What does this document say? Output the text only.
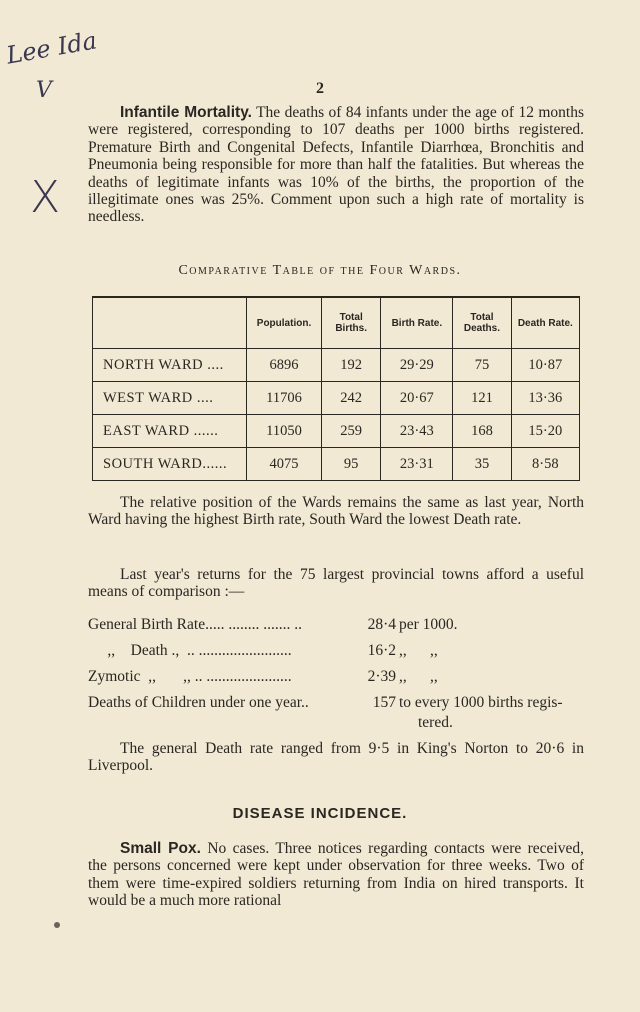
Lee Ida
V
X
2
Infantile Mortality. The deaths of 84 infants under the age of 12 months were registered, corresponding to 107 deaths per 1000 births registered. Premature Birth and Congenital Defects, Infantile Diarrhœa, Bronchitis and Pneumonia being responsible for more than half the fatalities. But whereas the deaths of legitimate infants was 10% of the births, the proportion of the illegitimate ones was 25%. Comment upon such a high rate of mortality is needless.
Comparative Table of the Four Wards.
	Population.	Total Births.	Birth Rate.	Total Deaths.	Death Rate.
NORTH WARD ....	6896	192	29·29	75	10·87
WEST WARD ....	11706	242	20·67	121	13·36
EAST WARD ......	11050	259	23·43	168	15·20
SOUTH WARD......	4075	95	23·31	35	8·58
The relative position of the Wards remains the same as last year, North Ward having the highest Birth rate, South Ward the lowest Death rate.
Last year's returns for the 75 largest provincial towns afford a useful means of comparison :—
General Birth Rate..... ........ ....... ..	28·4 per 1000.
,,    Death .,  .. ........................	16·2 ,,      ,,
Zymotic  ,,       ,, .. ......................	2·39 ,,      ,,
Deaths of Children under one year..	157 to every 1000 births regis-
tered.
The general Death rate ranged from 9·5 in King's Norton to 20·6 in Liverpool.
DISEASE INCIDENCE.
Small Pox. No cases. Three notices regarding contacts were received, the persons concerned were kept under observation for three weeks. Two of them were time-expired soldiers returning from India on hired transports. It would be a much more rational
